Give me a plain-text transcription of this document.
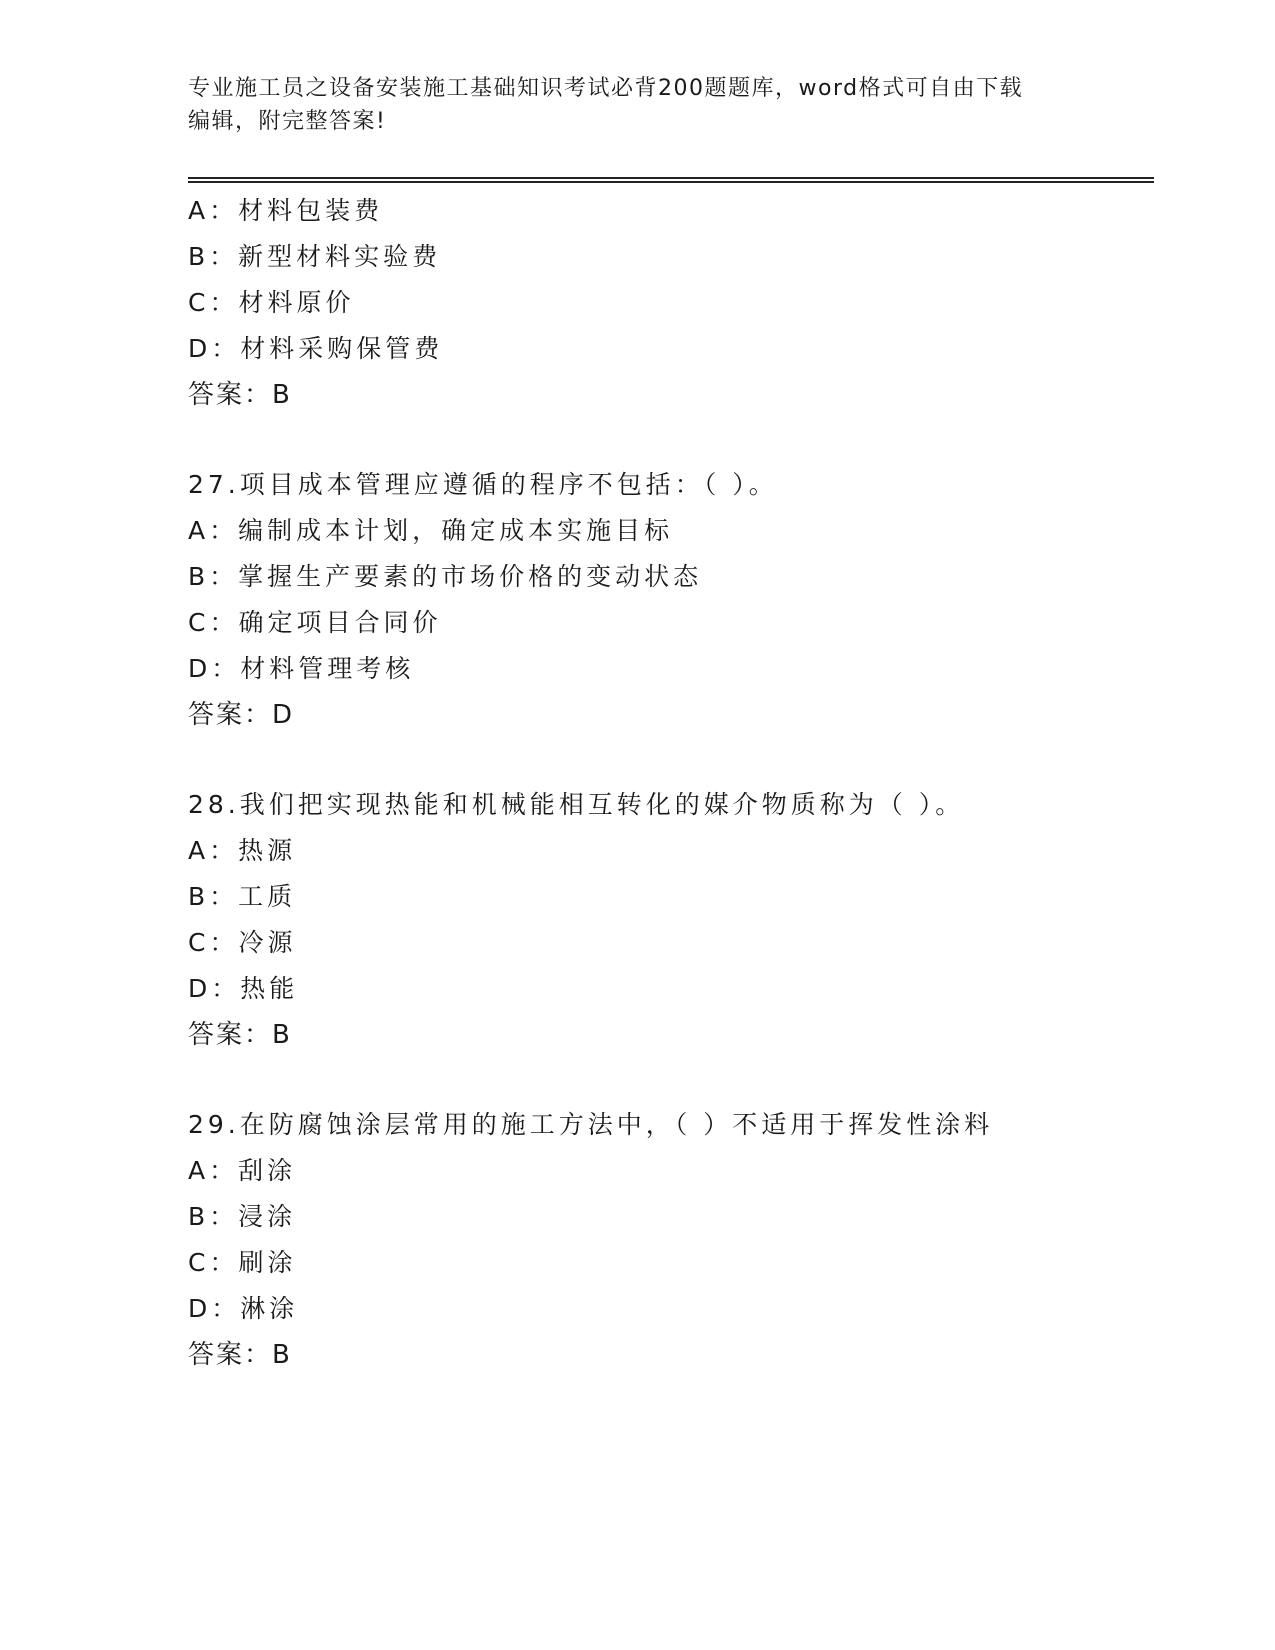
专业施工员之设备安装施工基础知识考试必背200题题库，word格式可自由下载
编辑，附完整答案!
A：材料包装费
B：新型材料实验费
C：材料原价
D：材料采购保管费
答案：B
27.项目成本管理应遵循的程序不包括：（ ）。
A：编制成本计划，确定成本实施目标
B：掌握生产要素的市场价格的变动状态
C：确定项目合同价
D：材料管理考核
答案：D
28.我们把实现热能和机械能相互转化的媒介物质称为（ ）。
A：热源
B：工质
C：冷源
D：热能
答案：B
29.在防腐蚀涂层常用的施工方法中，（ ）不适用于挥发性涂料
A：刮涂
B：浸涂
C：刷涂
D：淋涂
答案：B
